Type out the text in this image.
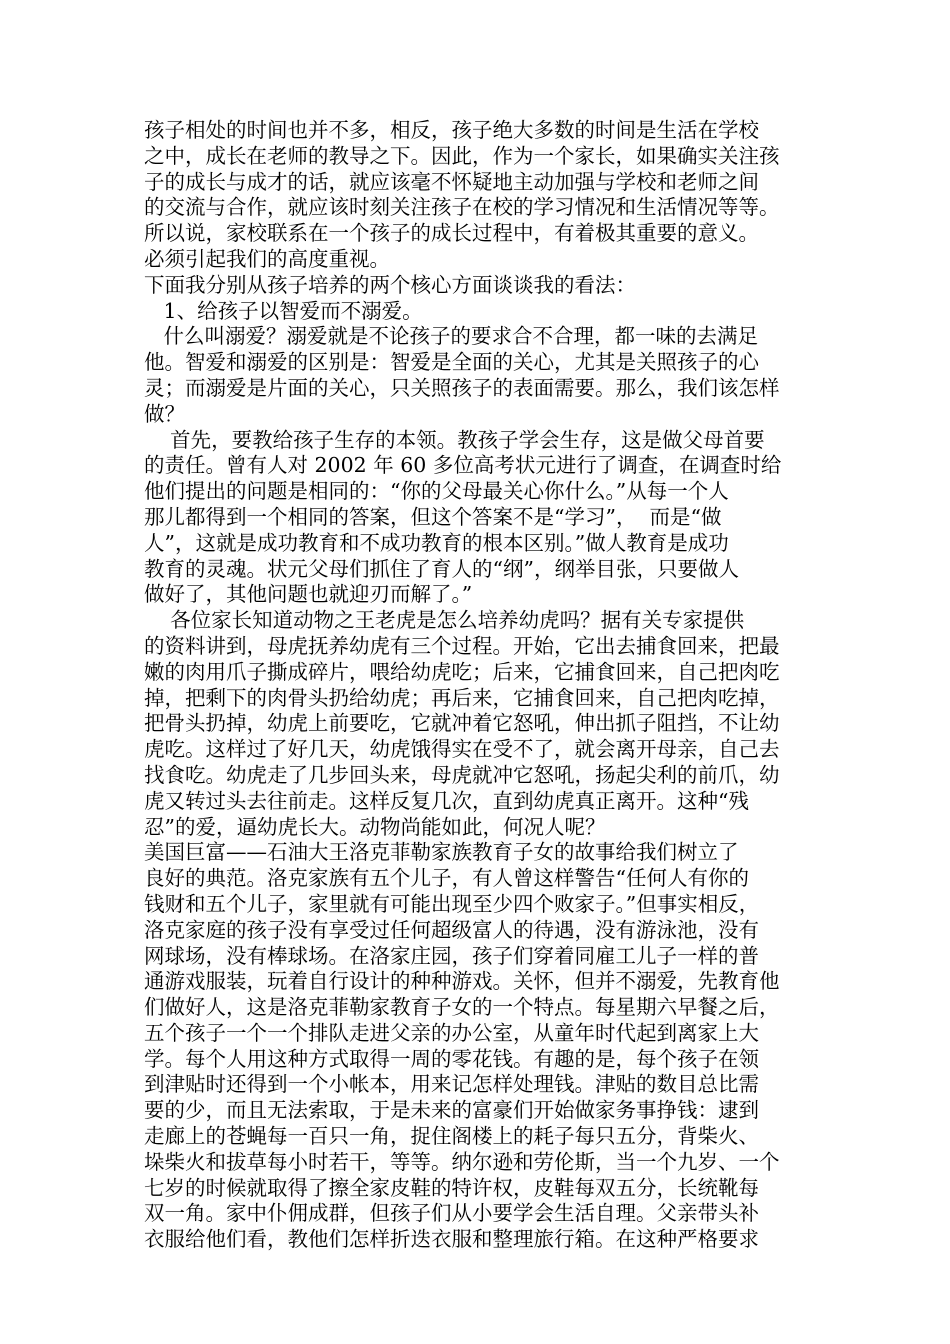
孩子相处的时间也并不多，相反，孩子绝大多数的时间是生活在学校
之中，成长在老师的教导之下。因此，作为一个家长，如果确实关注孩
子的成长与成才的话，就应该毫不怀疑地主动加强与学校和老师之间
的交流与合作，就应该时刻关注孩子在校的学习情况和生活情况等等。
所以说，家校联系在一个孩子的成长过程中，有着极其重要的意义。
必须引起我们的高度重视。
下面我分别从孩子培养的两个核心方面谈谈我的看法：
1、给孩子以智爱而不溺爱。
什么叫溺爱？溺爱就是不论孩子的要求合不合理，都一味的去满足
他。智爱和溺爱的区别是：智爱是全面的关心，尤其是关照孩子的心
灵；而溺爱是片面的关心，只关照孩子的表面需要。那么，我们该怎样
做？
首先，要教给孩子生存的本领。教孩子学会生存，这是做父母首要
的责任。曾有人对 2002 年 60 多位高考状元进行了调查，在调查时给
他们提出的问题是相同的：“你的父母最关心你什么。”从每一个人
那儿都得到一个相同的答案，但这个答案不是“学习”，  而是“做
人”，这就是成功教育和不成功教育的根本区别。”做人教育是成功
教育的灵魂。状元父母们抓住了育人的“纲”，纲举目张，只要做人
做好了，其他问题也就迎刃而解了。”
各位家长知道动物之王老虎是怎么培养幼虎吗？据有关专家提供
的资料讲到，母虎抚养幼虎有三个过程。开始，它出去捕食回来，把最
嫩的肉用爪子撕成碎片，喂给幼虎吃；后来，它捕食回来，自己把肉吃
掉，把剩下的肉骨头扔给幼虎；再后来，它捕食回来，自己把肉吃掉，
把骨头扔掉，幼虎上前要吃，它就冲着它怒吼，伸出抓子阻挡，不让幼
虎吃。这样过了好几天，幼虎饿得实在受不了，就会离开母亲，自己去
找食吃。幼虎走了几步回头来，母虎就冲它怒吼，扬起尖利的前爪，幼
虎又转过头去往前走。这样反复几次，直到幼虎真正离开。这种“残
忍”的爱，逼幼虎长大。动物尚能如此，何况人呢？
美国巨富——石油大王洛克菲勒家族教育子女的故事给我们树立了
良好的典范。洛克家族有五个儿子，有人曾这样警告“任何人有你的
钱财和五个儿子，家里就有可能出现至少四个败家子。”但事实相反，
洛克家庭的孩子没有享受过任何超级富人的待遇，没有游泳池，没有
网球场，没有棒球场。在洛家庄园，孩子们穿着同雇工儿子一样的普
通游戏服装，玩着自行设计的种种游戏。关怀，但并不溺爱，先教育他
们做好人，这是洛克菲勒家教育子女的一个特点。每星期六早餐之后，
五个孩子一个一个排队走进父亲的办公室，从童年时代起到离家上大
学。每个人用这种方式取得一周的零花钱。有趣的是，每个孩子在领
到津贴时还得到一个小帐本，用来记怎样处理钱。津贴的数目总比需
要的少，而且无法索取，于是未来的富豪们开始做家务事挣钱：逮到
走廊上的苍蝇每一百只一角，捉住阁楼上的耗子每只五分，背柴火、
垛柴火和拔草每小时若干，等等。纳尔逊和劳伦斯，当一个九岁、一个
七岁的时候就取得了擦全家皮鞋的特许权，皮鞋每双五分，长统靴每
双一角。家中仆佣成群，但孩子们从小要学会生活自理。父亲带头补
衣服给他们看，教他们怎样折迭衣服和整理旅行箱。在这种严格要求
